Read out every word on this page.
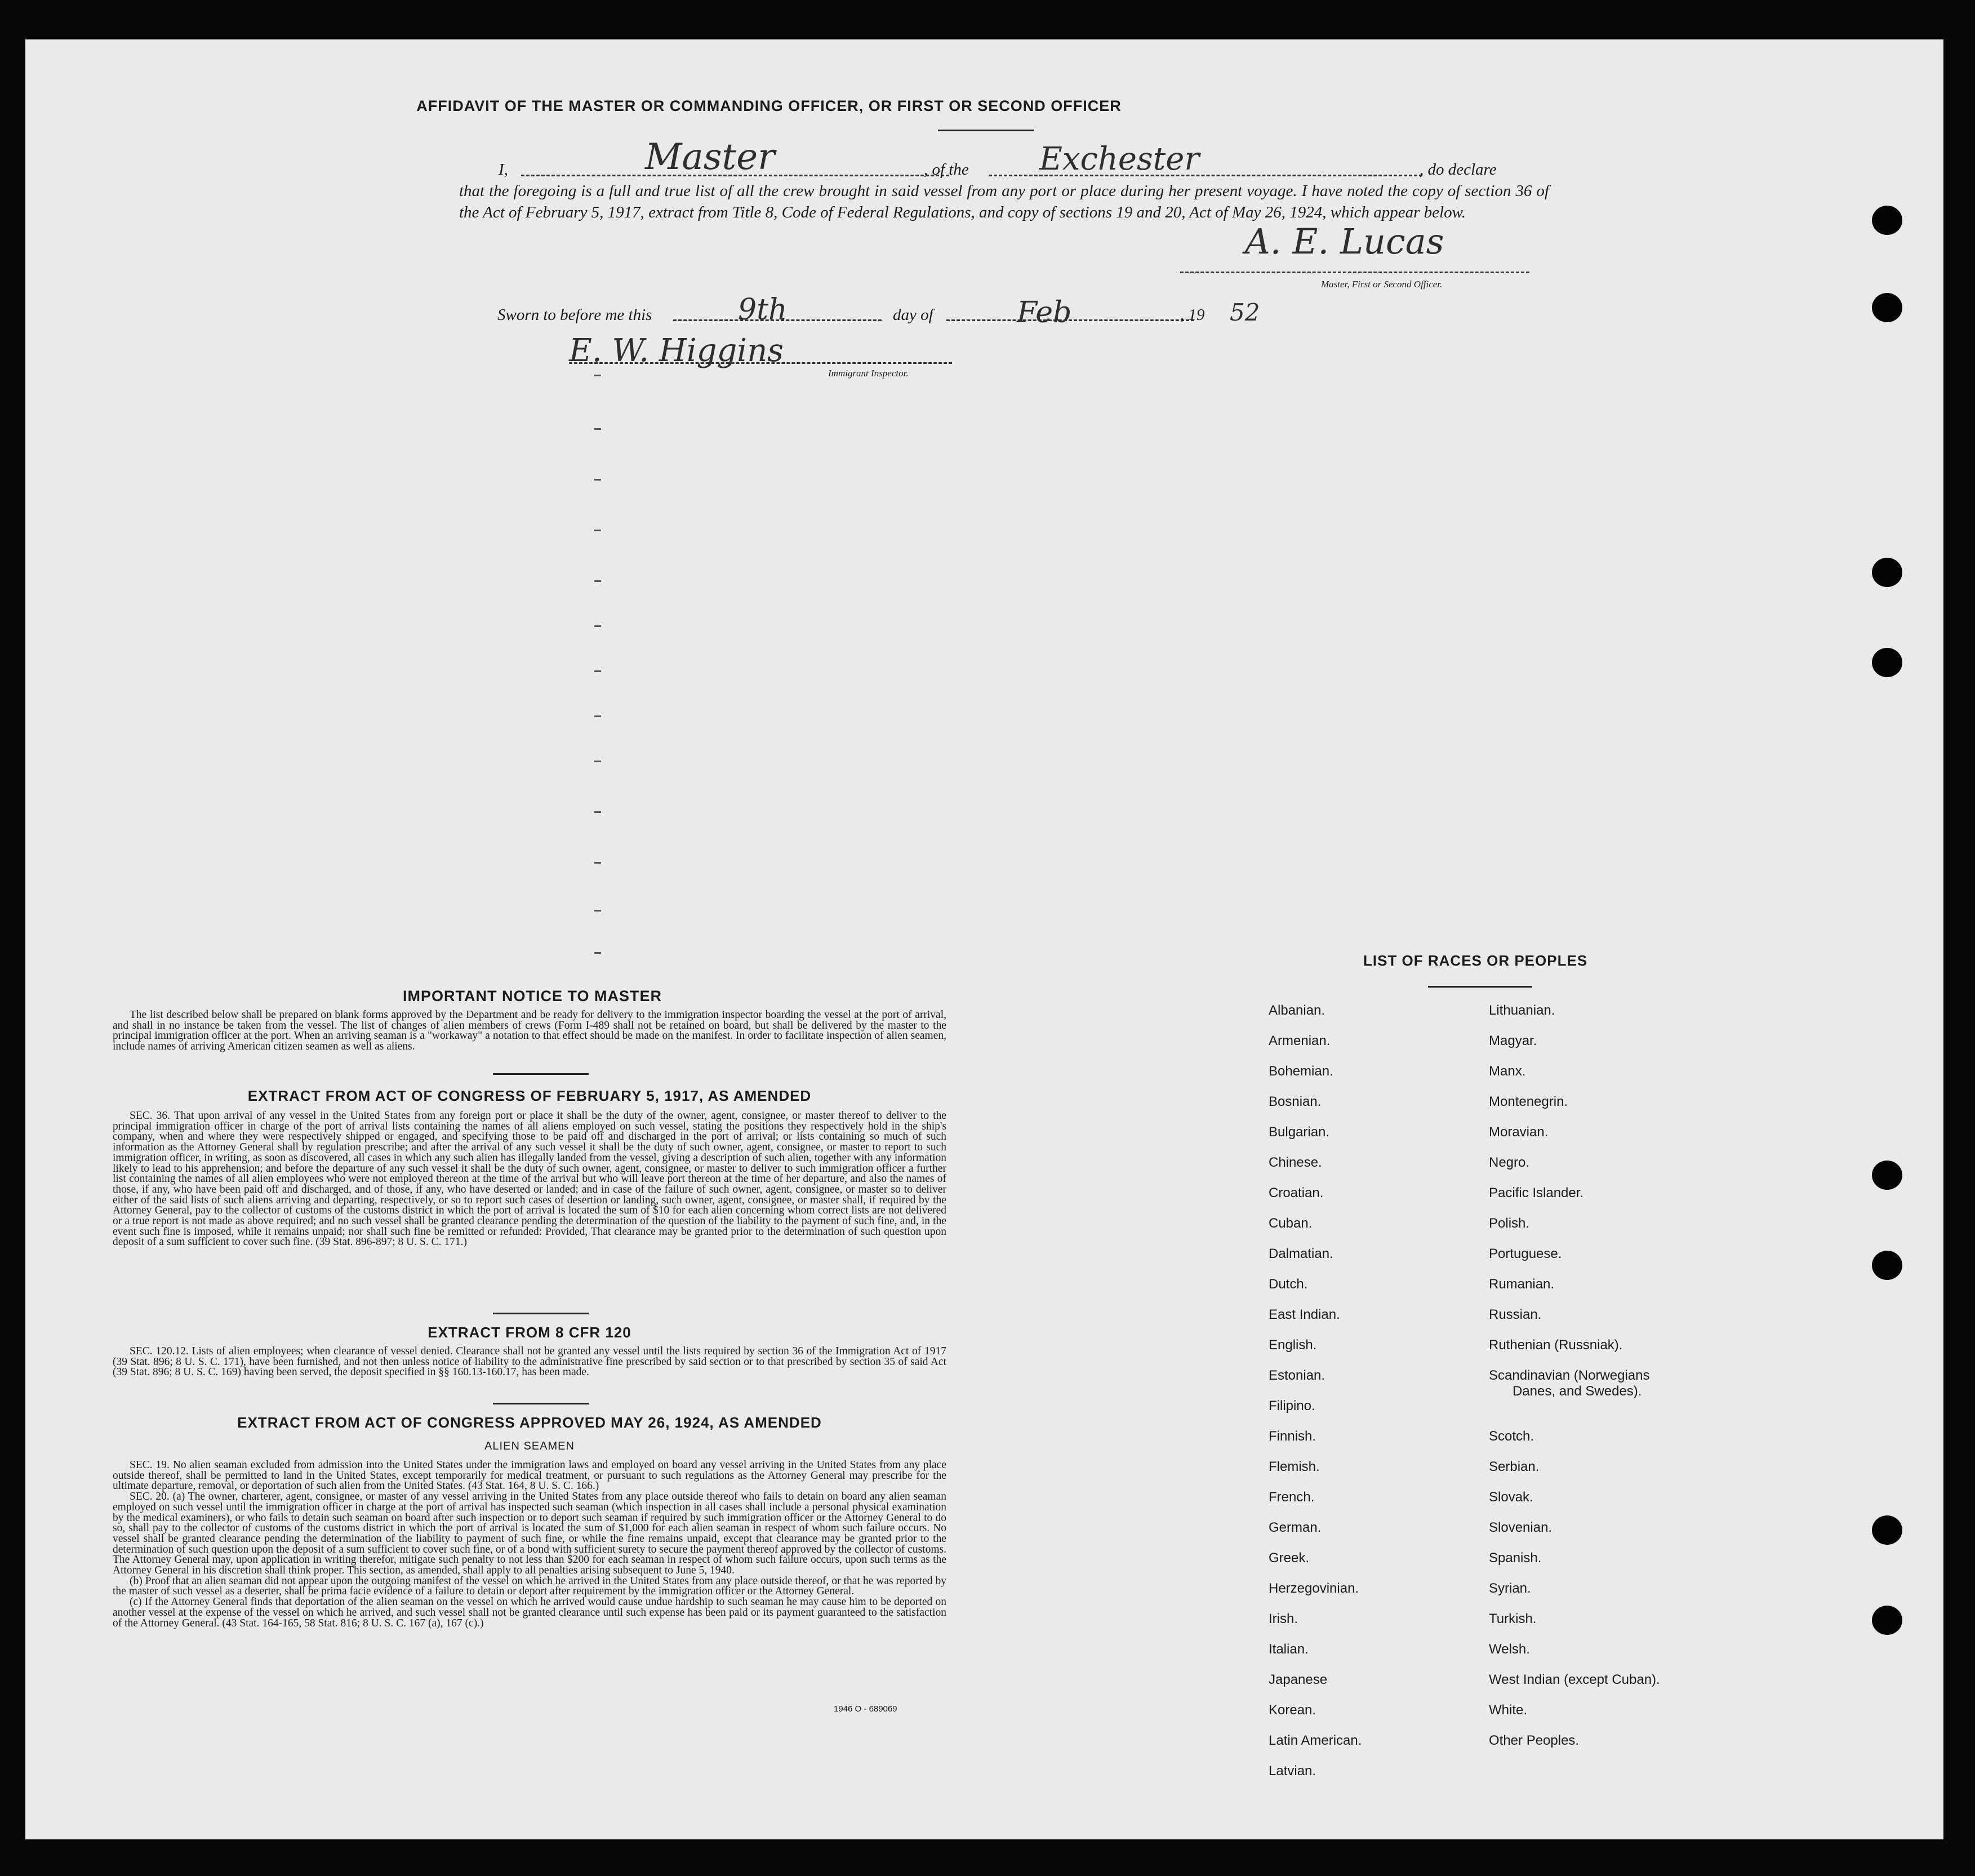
AFFIDAVIT OF THE MASTER OR COMMANDING OFFICER, OR FIRST OR SECOND OFFICER
I,	Master	, of the Exchester	, do declare
that the foregoing is a full and true list of all the crew brought in said vessel from any port or place during her present voyage. I have noted the copy of section 36 of the Act of February 5, 1917, extract from Title 8, Code of Federal Regulations, and copy of sections 19 and 20, Act of May 26, 1924, which appear below.
A. E. Lucas
Master, First or Second Officer.
Sworn to before me this	9th	day of	Feb	, 19 52
E. W. Higgins
Immigrant Inspector.
IMPORTANT NOTICE TO MASTER
The list described below shall be prepared on blank forms approved by the Department and be ready for delivery to the immigration inspector boarding the vessel at the port of arrival, and shall in no instance be taken from the vessel. The list of changes of alien members of crews (Form I-489 shall not be retained on board, but shall be delivered by the master to the principal immigration officer at the port. When an arriving seaman is a "workaway" a notation to that effect should be made on the manifest. In order to facilitate inspection of alien seamen, include names of arriving American citizen seamen as well as aliens.
EXTRACT FROM ACT OF CONGRESS OF FEBRUARY 5, 1917, AS AMENDED
SEC. 36. That upon arrival of any vessel in the United States from any foreign port or place it shall be the duty of the owner, agent, consignee, or master thereof to deliver to the principal immigration officer in charge of the port of arrival lists containing the names of all aliens employed on such vessel, stating the positions they respectively hold in the ship's company, when and where they were respectively shipped or engaged, and specifying those to be paid off and discharged in the port of arrival; or lists containing so much of such information as the Attorney General shall by regulation prescribe; and after the arrival of any such vessel it shall be the duty of such owner, agent, consignee, or master to report to such immigration officer, in writing, as soon as discovered, all cases in which any such alien has illegally landed from the vessel, giving a description of such alien, together with any information likely to lead to his apprehension; and before the departure of any such vessel it shall be the duty of such owner, agent, consignee, or master to deliver to such immigration officer a further list containing the names of all alien employees who were not employed thereon at the time of the arrival but who will leave port thereon at the time of her departure, and also the names of those, if any, who have been paid off and discharged, and of those, if any, who have deserted or landed; and in case of the failure of such owner, agent, consignee, or master so to deliver either of the said lists of such aliens arriving and departing, respectively, or so to report such cases of desertion or landing, such owner, agent, consignee, or master shall, if required by the Attorney General, pay to the collector of customs of the customs district in which the port of arrival is located the sum of $10 for each alien concerning whom correct lists are not delivered or a true report is not made as above required; and no such vessel shall be granted clearance pending the determination of the question of the liability to the payment of such fine, and, in the event such fine is imposed, while it remains unpaid; nor shall such fine be remitted or refunded: Provided, That clearance may be granted prior to the determination of such question upon deposit of a sum sufficient to cover such fine. (39 Stat. 896-897; 8 U. S. C. 171.)
EXTRACT FROM 8 CFR 120
SEC. 120.12. Lists of alien employees; when clearance of vessel denied. Clearance shall not be granted any vessel until the lists required by section 36 of the Immigration Act of 1917 (39 Stat. 896; 8 U. S. C. 171), have been furnished, and not then unless notice of liability to the administrative fine prescribed by said section or to that prescribed by section 35 of said Act (39 Stat. 896; 8 U. S. C. 169) having been served, the deposit specified in §§ 160.13-160.17, has been made.
EXTRACT FROM ACT OF CONGRESS APPROVED MAY 26, 1924, AS AMENDED
ALIEN SEAMEN
SEC. 19. No alien seaman excluded from admission into the United States under the immigration laws and employed on board any vessel arriving in the United States from any place outside thereof, shall be permitted to land in the United States, except temporarily for medical treatment, or pursuant to such regulations as the Attorney General may prescribe for the ultimate departure, removal, or deportation of such alien from the United States. (43 Stat. 164, 8 U. S. C. 166.)
SEC. 20. (a) The owner, charterer, agent, consignee, or master of any vessel arriving in the United States from any place outside thereof who fails to detain on board any alien seaman employed on such vessel until the immigration officer in charge at the port of arrival has inspected such seaman (which inspection in all cases shall include a personal physical examination by the medical examiners), or who fails to detain such seaman on board after such inspection or to deport such seaman if required by such immigration officer or the Attorney General to do so, shall pay to the collector of customs of the customs district in which the port of arrival is located the sum of $1,000 for each alien seaman in respect of whom such failure occurs. No vessel shall be granted clearance pending the determination of the liability to payment of such fine, or while the fine remains unpaid, except that clearance may be granted prior to the determination of such question upon the deposit of a sum sufficient to cover such fine, or of a bond with sufficient surety to secure the payment thereof approved by the collector of customs. The Attorney General may, upon application in writing therefor, mitigate such penalty to not less than $200 for each seaman in respect of whom such failure occurs, upon such terms as the Attorney General in his discretion shall think proper. This section, as amended, shall apply to all penalties arising subsequent to June 5, 1940.
(b) Proof that an alien seaman did not appear upon the outgoing manifest of the vessel on which he arrived in the United States from any place outside thereof, or that he was reported by the master of such vessel as a deserter, shall be prima facie evidence of a failure to detain or deport after requirement by the immigration officer or the Attorney General.
(c) If the Attorney General finds that deportation of the alien seaman on the vessel on which he arrived would cause undue hardship to such seaman he may cause him to be deported on another vessel at the expense of the vessel on which he arrived, and such vessel shall not be granted clearance until such expense has been paid or its payment guaranteed to the satisfaction of the Attorney General. (43 Stat. 164-165, 58 Stat. 816; 8 U. S. C. 167 (a), 167 (c).)
1946 O - 689069
LIST OF RACES OR PEOPLES
Albanian.
Armenian.
Bohemian.
Bosnian.
Bulgarian.
Chinese.
Croatian.
Cuban.
Dalmatian.
Dutch.
East Indian.
English.
Estonian.
Filipino.
Finnish.
Flemish.
French.
German.
Greek.
Herzegovinian.
Irish.
Italian.
Japanese
Korean.
Latin American.
Latvian.
Lithuanian.
Magyar.
Manx.
Montenegrin.
Moravian.
Negro.
Pacific Islander.
Polish.
Portuguese.
Rumanian.
Russian.
Ruthenian (Russniak).
Scandinavian (Norwegians
Danes, and Swedes).
Scotch.
Serbian.
Slovak.
Slovenian.
Spanish.
Syrian.
Turkish.
Welsh.
West Indian (except Cuban).
White.
Other Peoples.
